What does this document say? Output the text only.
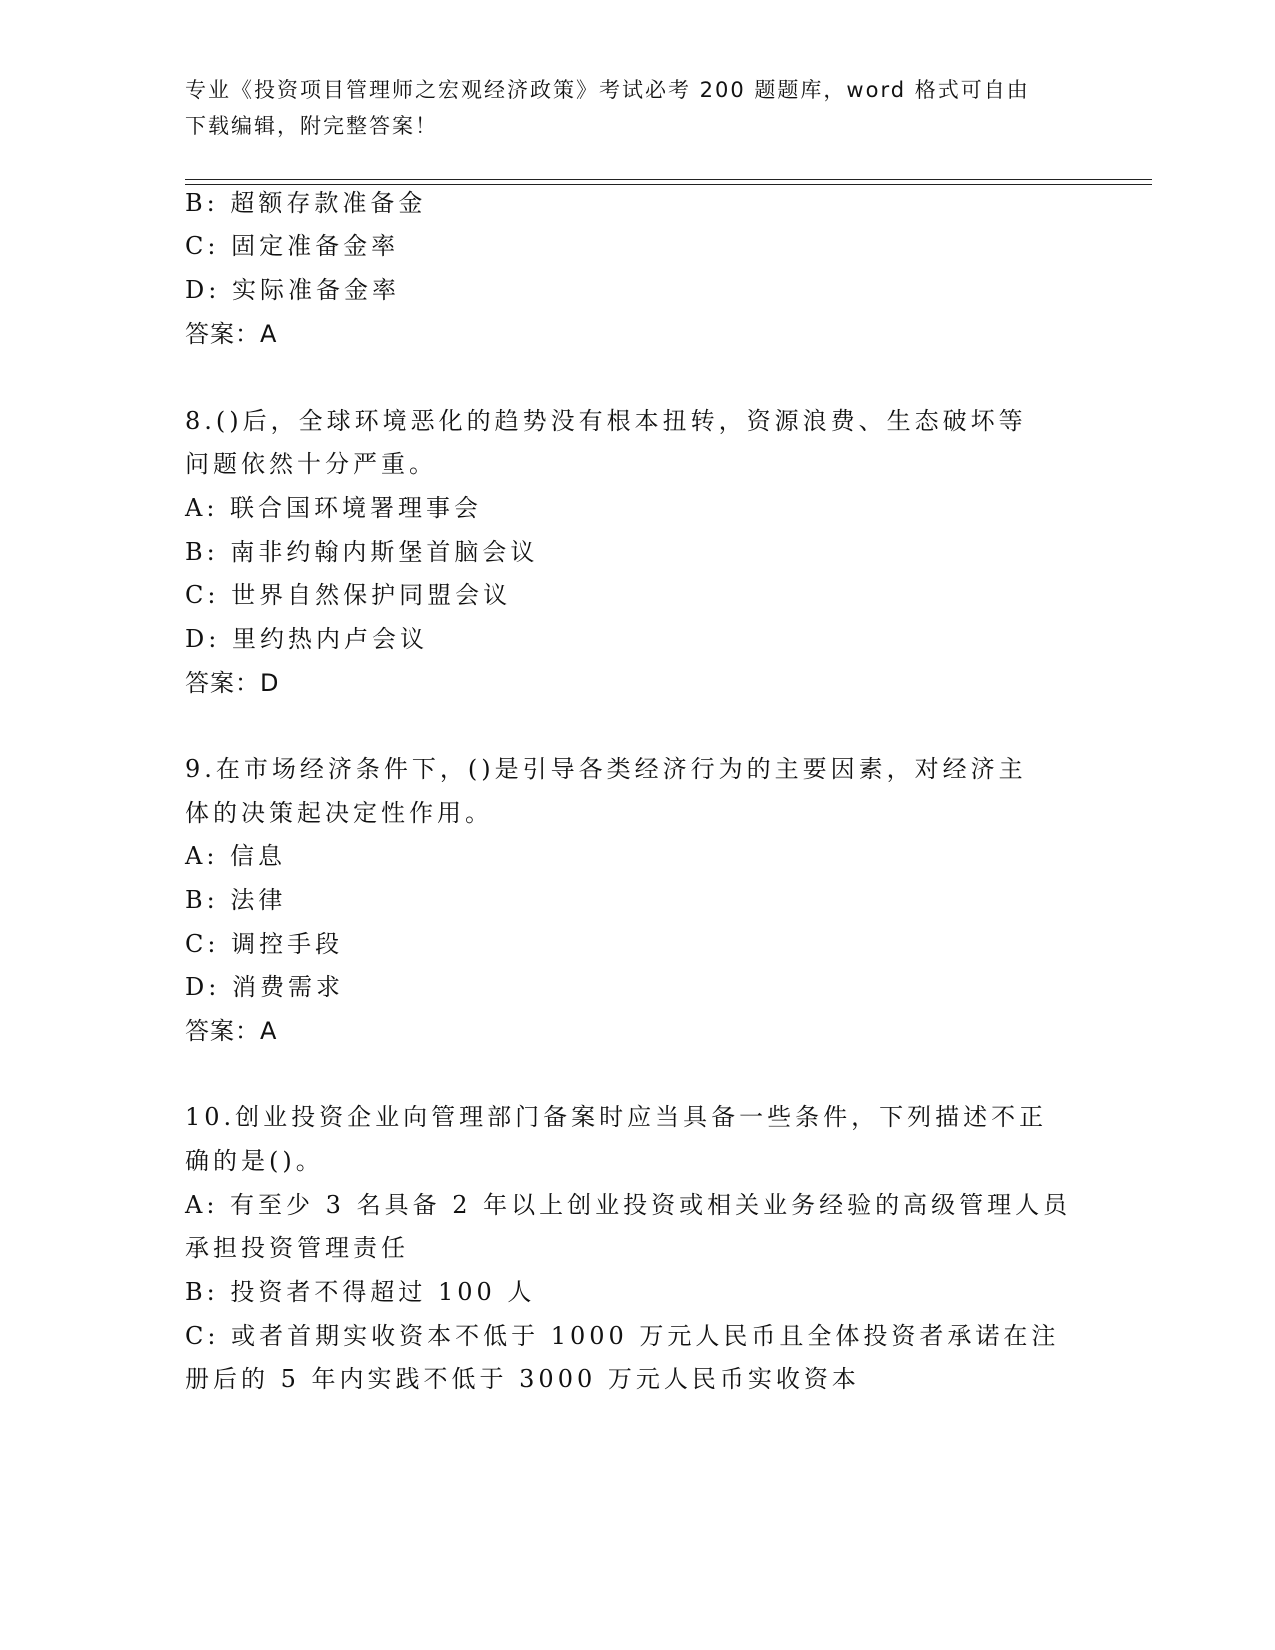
专业《投资项目管理师之宏观经济政策》考试必考 200 题题库，word 格式可自由
下载编辑，附完整答案！
B: 超额存款准备金
C: 固定准备金率
D: 实际准备金率
答案：A
8.()后，全球环境恶化的趋势没有根本扭转，资源浪费、生态破坏等
问题依然十分严重。
A: 联合国环境署理事会
B: 南非约翰内斯堡首脑会议
C: 世界自然保护同盟会议
D: 里约热内卢会议
答案：D
9.在市场经济条件下，()是引导各类经济行为的主要因素，对经济主
体的决策起决定性作用。
A: 信息
B: 法律
C: 调控手段
D: 消费需求
答案：A
10.创业投资企业向管理部门备案时应当具备一些条件，下列描述不正
确的是()。
A: 有至少 3 名具备 2 年以上创业投资或相关业务经验的高级管理人员
承担投资管理责任
B: 投资者不得超过 100 人
C: 或者首期实收资本不低于 1000 万元人民币且全体投资者承诺在注
册后的 5 年内实践不低于 3000 万元人民币实收资本
